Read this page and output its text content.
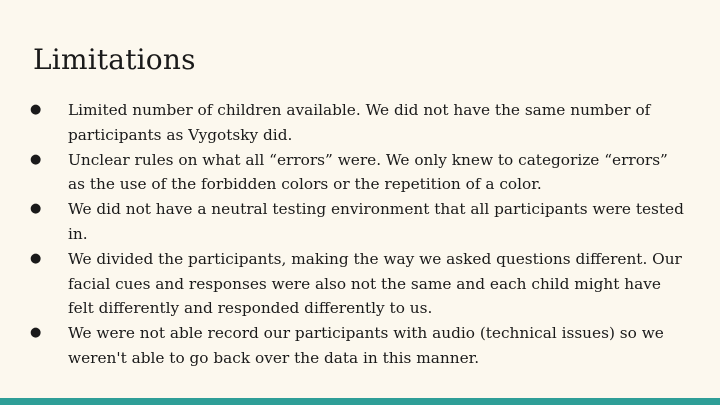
Limitations
● Limited number of children available. We did not have the same number of participants as Vygotsky did.
● Unclear rules on what all “errors” were. We only knew to categorize “errors” as the use of the forbidden colors or the repetition of a color.
● We did not have a neutral testing environment that all participants were tested in.
● We divided the participants, making the way we asked questions different. Our facial cues and responses were also not the same and each child might have felt differently and responded differently to us.
● We were not able record our participants with audio (technical issues) so we weren't able to go back over the data in this manner.
